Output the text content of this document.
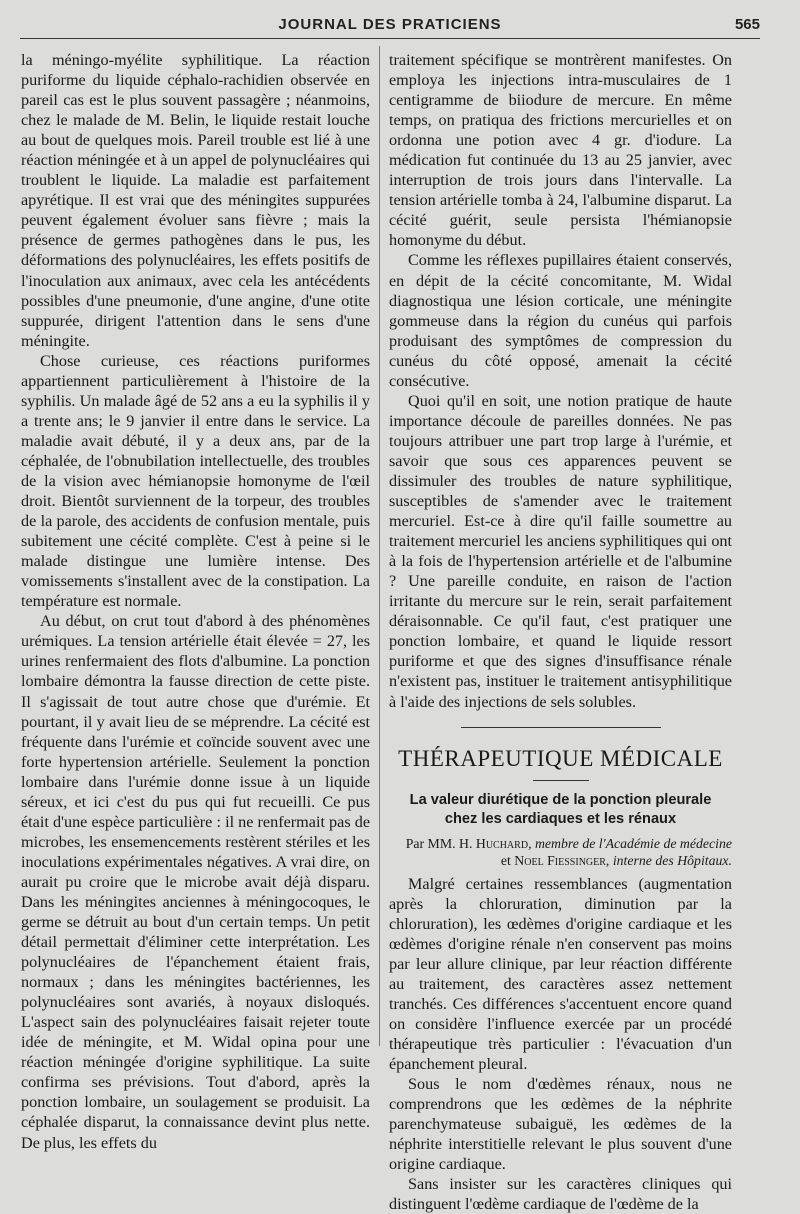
JOURNAL DES PRATICIENS	565

la méningo-myélite syphilitique. La réaction puriforme du liquide céphalo-rachidien observée en pareil cas est le plus souvent passagère ; néanmoins, chez le malade de M. Belin, le liquide restait louche au bout de quelques mois. Pareil trouble est lié à une réaction méningée et à un appel de polynucléaires qui troublent le liquide. La maladie est parfaitement apyrétique. Il est vrai que des méningites suppurées peuvent également évoluer sans fièvre ; mais la présence de germes pathogènes dans le pus, les déformations des polynucléaires, les effets positifs de l'inoculation aux animaux, avec cela les antécédents possibles d'une pneumonie, d'une angine, d'une otite suppurée, dirigent l'attention dans le sens d'une méningite.

Chose curieuse, ces réactions puriformes appartiennent particulièrement à l'histoire de la syphilis. Un malade âgé de 52 ans a eu la syphilis il y a trente ans; le 9 janvier il entre dans le service. La maladie avait débuté, il y a deux ans, par de la céphalée, de l'obnubilation intellectuelle, des troubles de la vision avec hémianopsie homonyme de l'œil droit. Bientôt surviennent de la torpeur, des troubles de la parole, des accidents de confusion mentale, puis subitement une cécité complète. C'est à peine si le malade distingue une lumière intense. Des vomissements s'installent avec de la constipation. La température est normale.

Au début, on crut tout d'abord à des phénomènes urémiques. La tension artérielle était élevée = 27, les urines renfermaient des flots d'albumine. La ponction lombaire démontra la fausse direction de cette piste. Il s'agissait de tout autre chose que d'urémie. Et pourtant, il y avait lieu de se méprendre. La cécité est fréquente dans l'urémie et coïncide souvent avec une forte hypertension artérielle. Seulement la ponction lombaire dans l'urémie donne issue à un liquide séreux, et ici c'est du pus qui fut recueilli. Ce pus était d'une espèce particulière : il ne renfermait pas de microbes, les ensemencements restèrent stériles et les inoculations expérimentales négatives. A vrai dire, on aurait pu croire que le microbe avait déjà disparu. Dans les méningites anciennes à méningocoques, le germe se détruit au bout d'un certain temps. Un petit détail permettait d'éliminer cette interprétation. Les polynucléaires de l'épanchement étaient frais, normaux ; dans les méningites bactériennes, les polynucléaires sont avariés, à noyaux disloqués. L'aspect sain des polynucléaires faisait rejeter toute idée de méningite, et M. Widal opina pour une réaction méningée d'origine syphilitique. La suite confirma ses prévisions. Tout d'abord, après la ponction lombaire, un soulagement se produisit. La céphalée disparut, la connaissance devint plus nette. De plus, les effets du

traitement spécifique se montrèrent manifestes. On employa les injections intra-musculaires de 1 centigramme de biiodure de mercure. En même temps, on pratiqua des frictions mercurielles et on ordonna une potion avec 4 gr. d'iodure. La médication fut continuée du 13 au 25 janvier, avec interruption de trois jours dans l'intervalle. La tension artérielle tomba à 24, l'albumine disparut. La cécité guérit, seule persista l'hémianopsie homonyme du début.

Comme les réflexes pupillaires étaient conservés, en dépit de la cécité concomitante, M. Widal diagnostiqua une lésion corticale, une méningite gommeuse dans la région du cunéus qui parfois produisant des symptômes de compression du cunéus du côté opposé, amenait la cécité consécutive.

Quoi qu'il en soit, une notion pratique de haute importance découle de pareilles données. Ne pas toujours attribuer une part trop large à l'urémie, et savoir que sous ces apparences peuvent se dissimuler des troubles de nature syphilitique, susceptibles de s'amender avec le traitement mercuriel. Est-ce à dire qu'il faille soumettre au traitement mercuriel les anciens syphilitiques qui ont à la fois de l'hypertension artérielle et de l'albumine ? Une pareille conduite, en raison de l'action irritante du mercure sur le rein, serait parfaitement déraisonnable. Ce qu'il faut, c'est pratiquer une ponction lombaire, et quand le liquide ressort puriforme et que des signes d'insuffisance rénale n'existent pas, instituer le traitement antisyphilitique à l'aide des injections de sels solubles.

THÉRAPEUTIQUE MÉDICALE
La valeur diurétique de la ponction pleurale
chez les cardiaques et les rénaux
Par MM. H. Huchard, membre de l'Académie de médecine
et Noel Fiessinger, interne des Hôpitaux.

Malgré certaines ressemblances (augmentation après la chloruration, diminution par la chloruration), les œdèmes d'origine cardiaque et les œdèmes d'origine rénale n'en conservent pas moins par leur allure clinique, par leur réaction différente au traitement, des caractères assez nettement tranchés. Ces différences s'accentuent encore quand on considère l'influence exercée par un procédé thérapeutique très particulier : l'évacuation d'un épanchement pleural.

Sous le nom d'œdèmes rénaux, nous ne comprendrons que les œdèmes de la néphrite parenchymateuse subaiguë, les œdèmes de la néphrite interstitielle relevant le plus souvent d'une origine cardiaque.

Sans insister sur les caractères cliniques qui distinguent l'œdème cardiaque de l'œdème de la
